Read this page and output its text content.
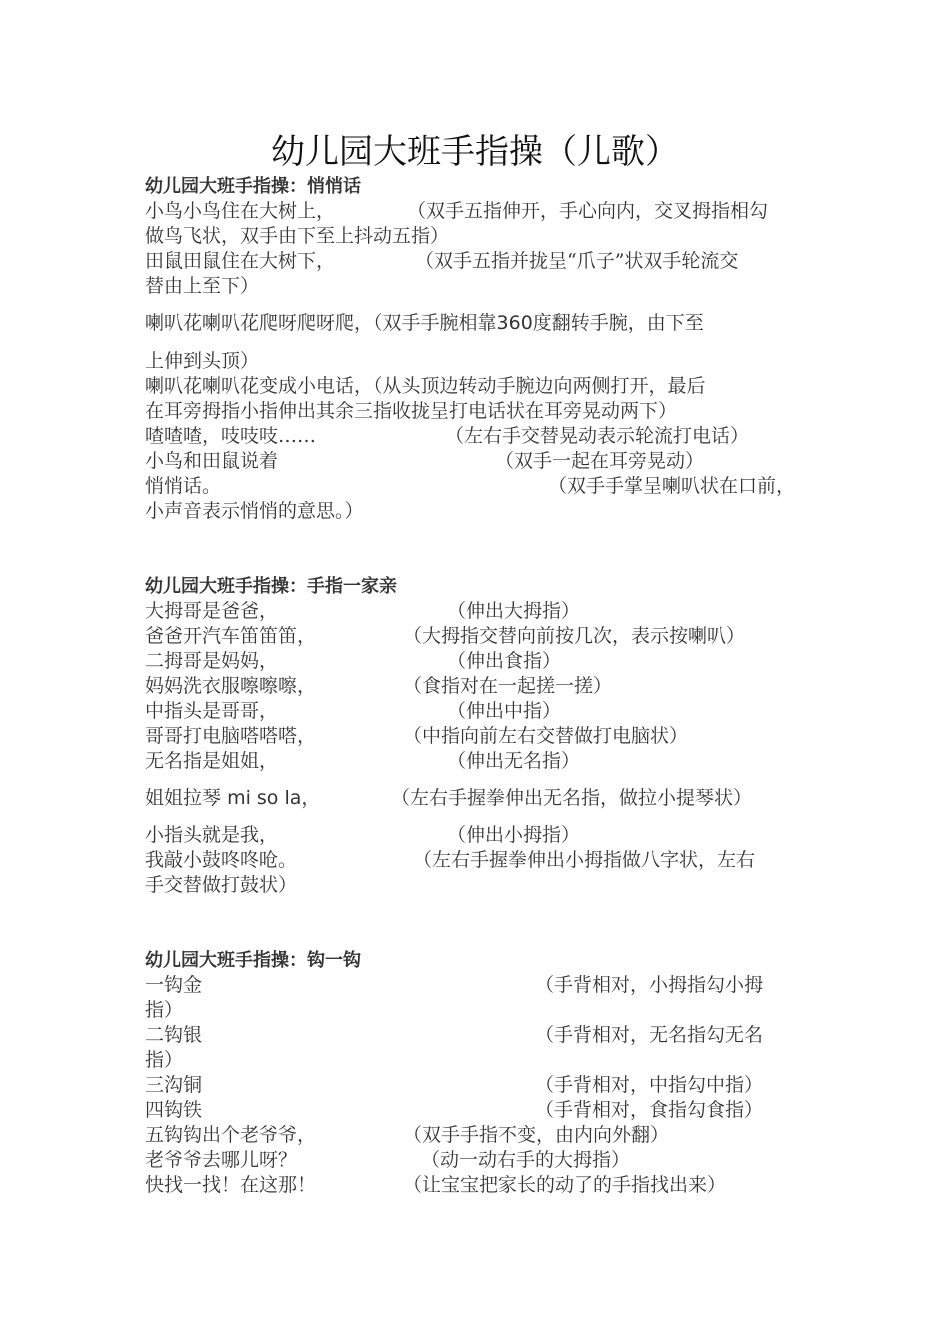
幼儿园大班手指操（儿歌）
幼儿园大班手指操：悄悄话
小鸟小鸟住在大树上，	（双手五指伸开，手心向内，交叉拇指相勾
做鸟飞状，双手由下至上抖动五指）
田鼠田鼠住在大树下，	（双手五指并拢呈“爪子”状双手轮流交
替由上至下）
喇叭花喇叭花爬呀爬呀爬，（双手手腕相靠360度翻转手腕，由下至
上伸到头顶）
喇叭花喇叭花变成小电话，（从头顶边转动手腕边向两侧打开，最后
在耳旁拇指小指伸出其余三指收拢呈打电话状在耳旁晃动两下）
喳喳喳，吱吱吱……	（左右手交替晃动表示轮流打电话）
小鸟和田鼠说着	（双手一起在耳旁晃动）
悄悄话。	（双手手掌呈喇叭状在口前，
小声音表示悄悄的意思。）
幼儿园大班手指操：手指一家亲
大拇哥是爸爸，	（伸出大拇指）
爸爸开汽车笛笛笛，	（大拇指交替向前按几次，表示按喇叭）
二拇哥是妈妈，	（伸出食指）
妈妈洗衣服嚓嚓嚓，	（食指对在一起搓一搓）
中指头是哥哥，	（伸出中指）
哥哥打电脑嗒嗒嗒，	（中指向前左右交替做打电脑状）
无名指是姐姐，	（伸出无名指）
姐姐拉琴 mi so la，	（左右手握拳伸出无名指，做拉小提琴状）
小指头就是我，	（伸出小拇指）
我敲小鼓咚咚呛。	（左右手握拳伸出小拇指做八字状，左右
手交替做打鼓状）
幼儿园大班手指操：钩一钩
一钩金	（手背相对，小拇指勾小拇
指）
二钩银	（手背相对，无名指勾无名
指）
三沟铜	（手背相对，中指勾中指）
四钩铁	（手背相对，食指勾食指）
五钩钩出个老爷爷，	（双手手指不变，由内向外翻）
老爷爷去哪儿呀？	（动一动右手的大拇指）
快找一找！在这那！	（让宝宝把家长的动了的手指找出来）
